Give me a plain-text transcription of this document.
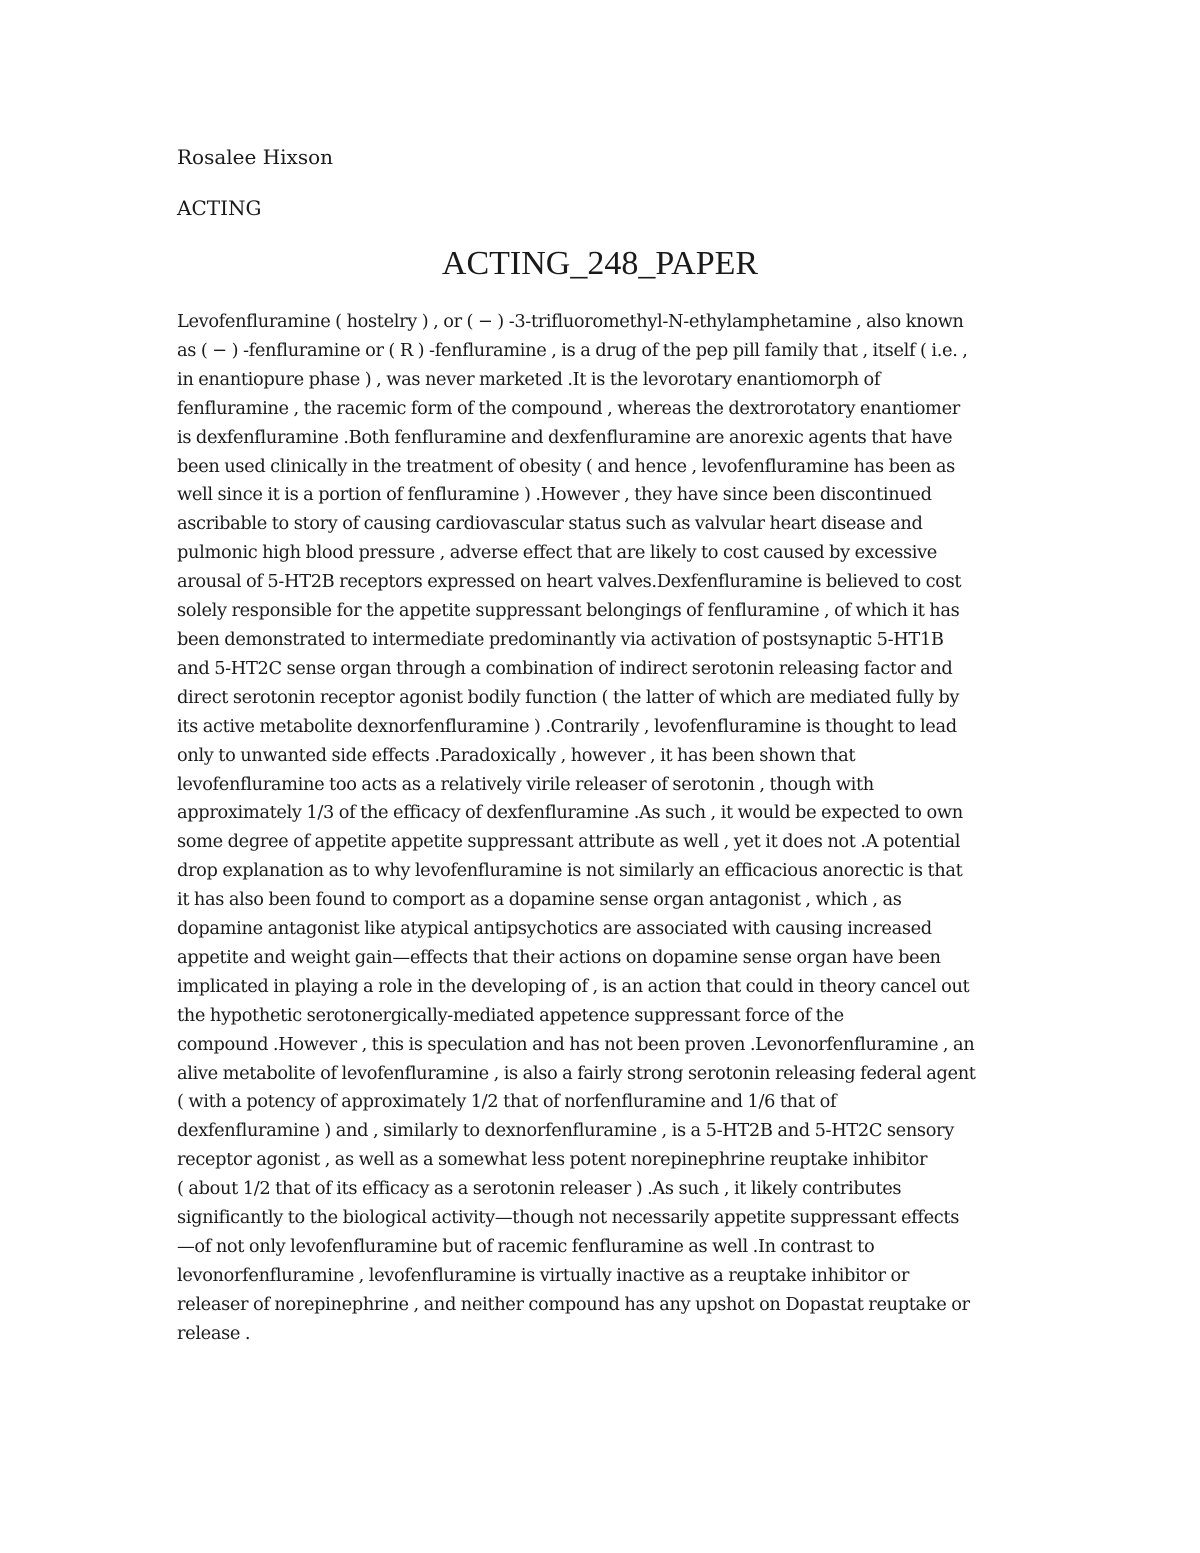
Rosalee Hixson

ACTING

ACTING_248_PAPER
Levofenfluramine ( hostelry ) , or ( − ) -3-trifluoromethyl-N-ethylamphetamine , also known
as ( − ) -fenfluramine or ( R ) -fenfluramine , is a drug of the pep pill family that , itself ( i.e. ,
in enantiopure phase ) , was never marketed .It is the levorotary enantiomorph of
fenfluramine , the racemic form of the compound , whereas the dextrorotatory enantiomer
is dexfenfluramine .Both fenfluramine and dexfenfluramine are anorexic agents that have
been used clinically in the treatment of obesity ( and hence , levofenfluramine has been as
well since it is a portion of fenfluramine ) .However , they have since been discontinued
ascribable to story of causing cardiovascular status such as valvular heart disease and
pulmonic high blood pressure , adverse effect that are likely to cost caused by excessive
arousal of 5-HT2B receptors expressed on heart valves.Dexfenfluramine is believed to cost
solely responsible for the appetite suppressant belongings of fenfluramine , of which it has
been demonstrated to intermediate predominantly via activation of postsynaptic 5-HT1B
and 5-HT2C sense organ through a combination of indirect serotonin releasing factor and
direct serotonin receptor agonist bodily function ( the latter of which are mediated fully by
its active metabolite dexnorfenfluramine ) .Contrarily , levofenfluramine is thought to lead
only to unwanted side effects .Paradoxically , however , it has been shown that
levofenfluramine too acts as a relatively virile releaser of serotonin , though with
approximately 1/3 of the efficacy of dexfenfluramine .As such , it would be expected to own
some degree of appetite appetite suppressant attribute as well , yet it does not .A potential
drop explanation as to why levofenfluramine is not similarly an efficacious anorectic is that
it has also been found to comport as a dopamine sense organ antagonist , which , as
dopamine antagonist like atypical antipsychotics are associated with causing increased
appetite and weight gain—effects that their actions on dopamine sense organ have been
implicated in playing a role in the developing of , is an action that could in theory cancel out
the hypothetic serotonergically-mediated appetence suppressant force of the
compound .However , this is speculation and has not been proven .Levonorfenfluramine , an
alive metabolite of levofenfluramine , is also a fairly strong serotonin releasing federal agent
( with a potency of approximately 1/2 that of norfenfluramine and 1/6 that of
dexfenfluramine ) and , similarly to dexnorfenfluramine , is a 5-HT2B and 5-HT2C sensory
receptor agonist , as well as a somewhat less potent norepinephrine reuptake inhibitor
( about 1/2 that of its efficacy as a serotonin releaser ) .As such , it likely contributes
significantly to the biological activity—though not necessarily appetite suppressant effects
—of not only levofenfluramine but of racemic fenfluramine as well .In contrast to
levonorfenfluramine , levofenfluramine is virtually inactive as a reuptake inhibitor or
releaser of norepinephrine , and neither compound has any upshot on Dopastat reuptake or
release .
